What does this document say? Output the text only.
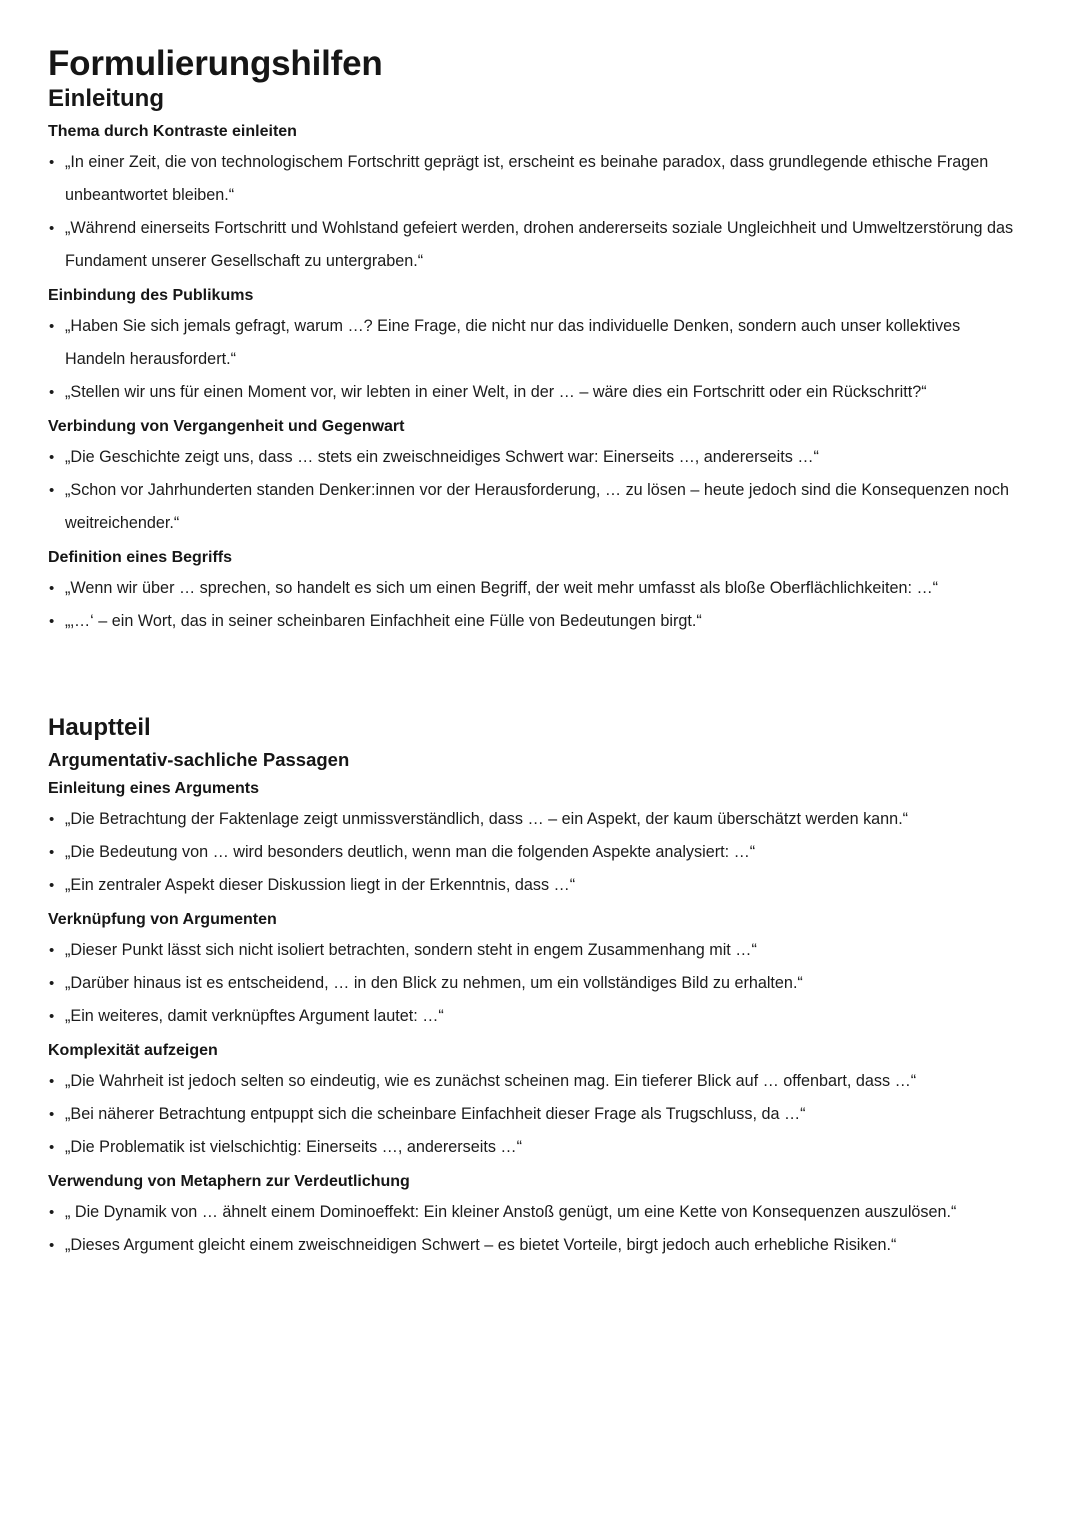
Formulierungshilfen
Einleitung
Thema durch Kontraste einleiten
• „In einer Zeit, die von technologischem Fortschritt geprägt ist, erscheint es beinahe paradox, dass grundlegende ethische Fragen unbeantwortet bleiben.“
• „Während einerseits Fortschritt und Wohlstand gefeiert werden, drohen andererseits soziale Ungleichheit und Umweltzerstörung das Fundament unserer Gesellschaft zu untergraben.“
Einbindung des Publikums
• „Haben Sie sich jemals gefragt, warum …? Eine Frage, die nicht nur das individuelle Denken, sondern auch unser kollektives Handeln herausfordert.“
• „Stellen wir uns für einen Moment vor, wir lebten in einer Welt, in der … – wäre dies ein Fortschritt oder ein Rückschritt?“
Verbindung von Vergangenheit und Gegenwart
• „Die Geschichte zeigt uns, dass … stets ein zweischneidiges Schwert war: Einerseits …, andererseits …“
• „Schon vor Jahrhunderten standen Denker:innen vor der Herausforderung, … zu lösen – heute jedoch sind die Konsequenzen noch weitreichender.“
Definition eines Begriffs
• „Wenn wir über … sprechen, so handelt es sich um einen Begriff, der weit mehr umfasst als bloße Oberflächlichkeiten: …“
• „‚…‘ – ein Wort, das in seiner scheinbaren Einfachheit eine Fülle von Bedeutungen birgt.“
Hauptteil
Argumentativ-sachliche Passagen
Einleitung eines Arguments
• „Die Betrachtung der Faktenlage zeigt unmissverständlich, dass … – ein Aspekt, der kaum überschätzt werden kann.“
• „Die Bedeutung von … wird besonders deutlich, wenn man die folgenden Aspekte analysiert: …“
• „Ein zentraler Aspekt dieser Diskussion liegt in der Erkenntnis, dass …“
Verknüpfung von Argumenten
• „Dieser Punkt lässt sich nicht isoliert betrachten, sondern steht in engem Zusammenhang mit …“
• „Darüber hinaus ist es entscheidend, … in den Blick zu nehmen, um ein vollständiges Bild zu erhalten.“
• „Ein weiteres, damit verknüpftes Argument lautet: …“
Komplexität aufzeigen
• „Die Wahrheit ist jedoch selten so eindeutig, wie es zunächst scheinen mag. Ein tieferer Blick auf … offenbart, dass …“
• „Bei näherer Betrachtung entpuppt sich die scheinbare Einfachheit dieser Frage als Trugschluss, da …“
• „Die Problematik ist vielschichtig: Einerseits …, andererseits …“
Verwendung von Metaphern zur Verdeutlichung
• „ Die Dynamik von … ähnelt einem Dominoeffekt: Ein kleiner Anstoß genügt, um eine Kette von Konsequenzen auszulösen.“
• „Dieses Argument gleicht einem zweischneidigen Schwert – es bietet Vorteile, birgt jedoch auch erhebliche Risiken.“
